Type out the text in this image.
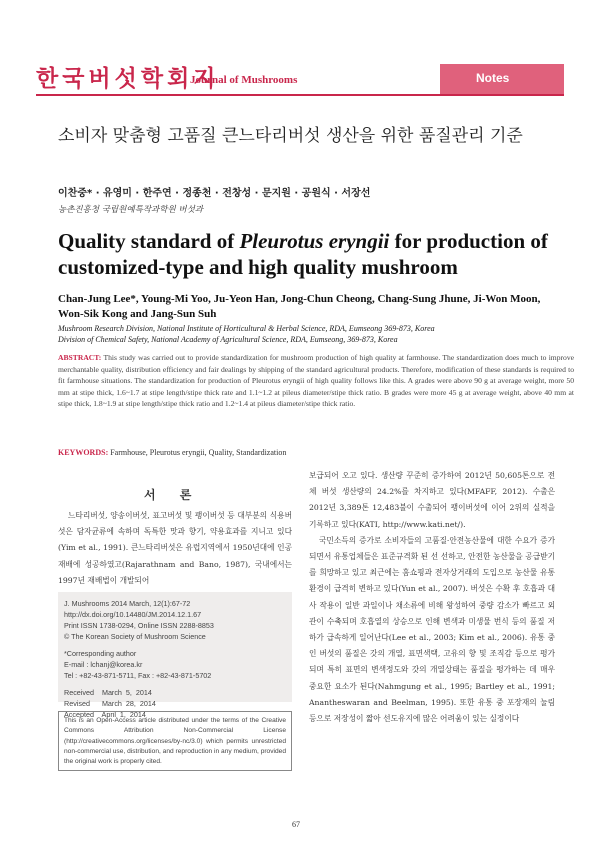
한국버섯학회지
Journal of Mushrooms	Notes
소비자 맞춤형 고품질 큰느타리버섯 생산을 위한 품질관리 기준
이찬중* · 유영미 · 한주연 · 정종천 · 전창성 · 문지원 · 공원식 · 서장선
농촌진흥청 국립원예특작과학원 버섯과
Quality standard of Pleurotus eryngii for production of customized-type and high quality mushroom
Chan-Jung Lee*, Young-Mi Yoo, Ju-Yeon Han, Jong-Chun Cheong, Chang-Sung Jhune, Ji-Won Moon, Won-Sik Kong and Jang-Sun Suh
Mushroom Research Division, National Institute of Horticultural & Herbal Science, RDA, Eumseong 369-873, Korea
Division of Chemical Safety, National Academy of Agricultural Science, RDA, Eumseong, 369-873, Korea
ABSTRACT: This study was carried out to provide standardization for mushroom production of high quality at farmhouse. The standardization does much to improve merchantable quality, distribution efficiency and fair dealings by shipping of the standard agricultural products. Therefore, modification of these standards is required to fit farmhouse situations. The standardization for production of Pleurotus eryngii of high quality follows like this. A grades were above 90 g at average weight, more 50 mm at stipe thick, 1.6~1.7 at stipe length/stipe thick rate and 1.1~1.2 at pileus diameter/stipe thick ratio. B grades were more 45 g at average weight, above 40 mm at stipe thick, 1.8~1.9 at stipe length/stipe thick ratio and 1.2~1.4 at pileus diameter/stipe thick ratio.
KEYWORDS: Farmhouse, Pleurotus eryngii, Quality, Standardization
서 론
느타리버섯, 양송이버섯, 표고버섯 및 팽이버섯 등 대부분의 식용버섯은 담자균류에 속하며 독특한 맛과 향기, 약용효과를 지니고 있다(Yim et al., 1991). 큰느타리버섯은 유럽지역에서 1950년대에 인공재배에 성공하였고(Rajarathnam and Bano, 1987), 국내에서는 1997년 재배법이 개발되어
J. Mushrooms 2014 March, 12(1):67-72
http://dx.doi.org/10.14480/JM.2014.12.1.67
Print ISSN 1738-0294, Online ISSN 2288-8853
© The Korean Society of Mushroom Science
*Corresponding author
E-mail : lchanj@korea.kr
Tel : +82-43-871-5711, Fax : +82-43-871-5702
Received    March  5,  2014
Revised      March  28,  2014
Accepted    April  1,  2014
This is an Open-Access article distributed under the terms of the Creative Commons Attribution Non-Commercial License (http://creativecommons.org/licenses/by-nc/3.0) which permits unrestricted non-commercial use, distribution, and reproduction in any medium, provided the original work is properly cited.

보급되어 오고 있다. 생산량 꾸준히 증가하여 2012년 50,605톤으로 전체 버섯 생산량의 24.2%를 차지하고 있다(MFAFF, 2012). 수출은 2012년 3,389톤 12,483불이 수출되어 팽이버섯에 이어 2위의 실적을 기록하고 있다(KATI, http://www.kati.net/).

국민소득의 증가로 소비자들의 고품질·안전농산물에 대한 수요가 증가되면서 유통업체들은 표준규격화 된 선 선하고, 안전한 농산물을 공급받기를 희망하고 있고 최근에는 홈쇼핑과 전자상거래의 도입으로 농산물 유통환경이 급격히 변하고 있다(Yun et al., 2007). 버섯은 수확 후 호흡과 대사 작용이 일반 과일이나 채소류에 비해 왕성하여 중량 감소가 빠르고 외관이 수축되며 호흡열의 상승으로 인해 변색과 미생물 번식 등의 품질 저하가 급속하게 일어난다(Lee et al., 2003; Kim et al., 2006). 유통 중인 버섯의 품질은 갓의 개열, 표면색택, 고유의 향 및 조직감 등으로 평가되며 특히 표면의 변색정도와 갓의 개열상태는 품질을 평가하는 데 매우 중요한 요소가 된다(Nahmgung et al., 1995; Bartley et al., 1991; Anantheswaran and Beelman, 1995). 또한 유통 중 포장재의 눌림 등으로 저장성이 짧아 선도유지에 많은 어려움이 있는 실정이다

67
